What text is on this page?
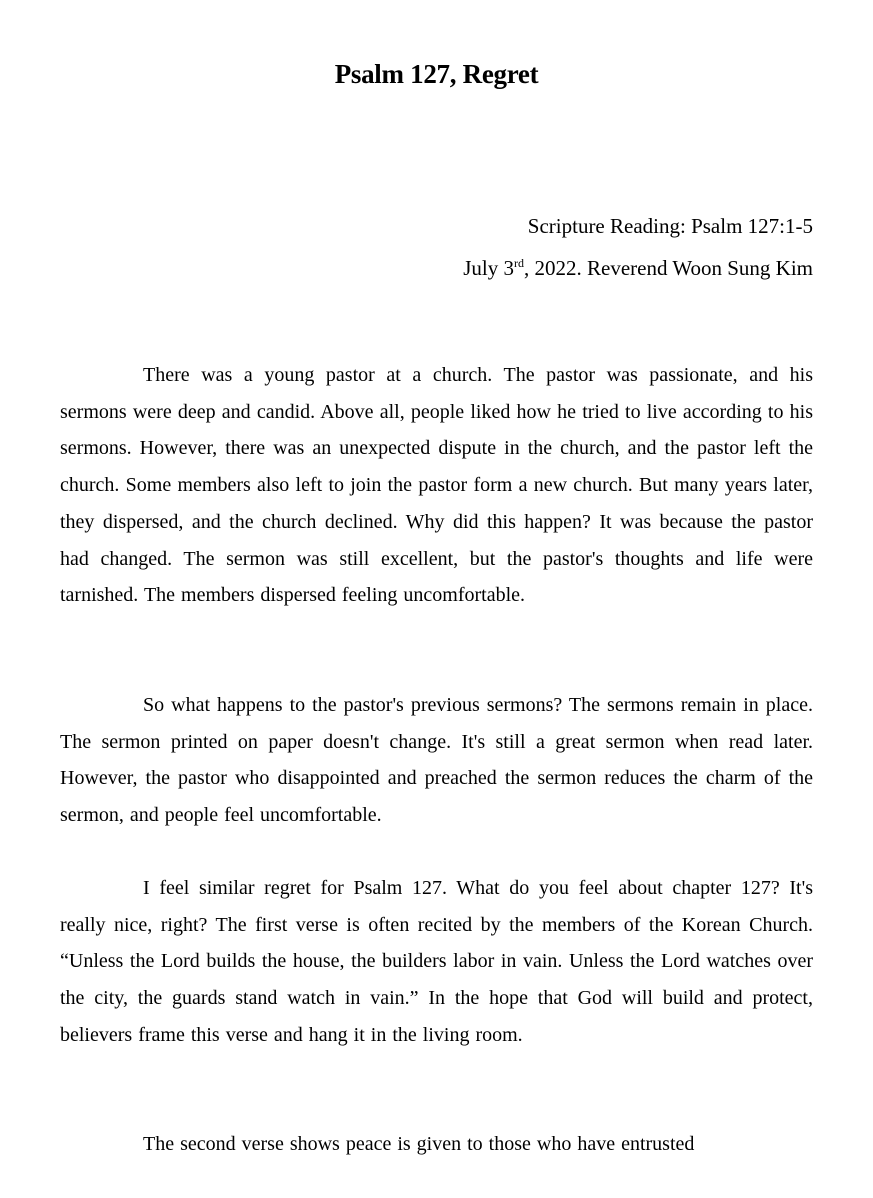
Psalm 127, Regret
Scripture Reading: Psalm 127:1-5
July 3rd, 2022. Reverend Woon Sung Kim

There was a young pastor at a church. The pastor was passionate, and his sermons were deep and candid. Above all, people liked how he tried to live according to his sermons. However, there was an unexpected dispute in the church, and the pastor left the church. Some members also left to join the pastor form a new church. But many years later, they dispersed, and the church declined. Why did this happen? It was because the pastor had changed. The sermon was still excellent, but the pastor's thoughts and life were tarnished. The members dispersed feeling uncomfortable.

So what happens to the pastor's previous sermons? The sermons remain in place. The sermon printed on paper doesn't change. It's still a great sermon when read later. However, the pastor who disappointed and preached the sermon reduces the charm of the sermon, and people feel uncomfortable.

I feel similar regret for Psalm 127. What do you feel about chapter 127? It's really nice, right? The first verse is often recited by the members of the Korean Church. “Unless the Lord builds the house, the builders labor in vain. Unless the Lord watches over the city, the guards stand watch in vain.” In the hope that God will build and protect, believers frame this verse and hang it in the living room.

The second verse shows peace is given to those who have entrusted
